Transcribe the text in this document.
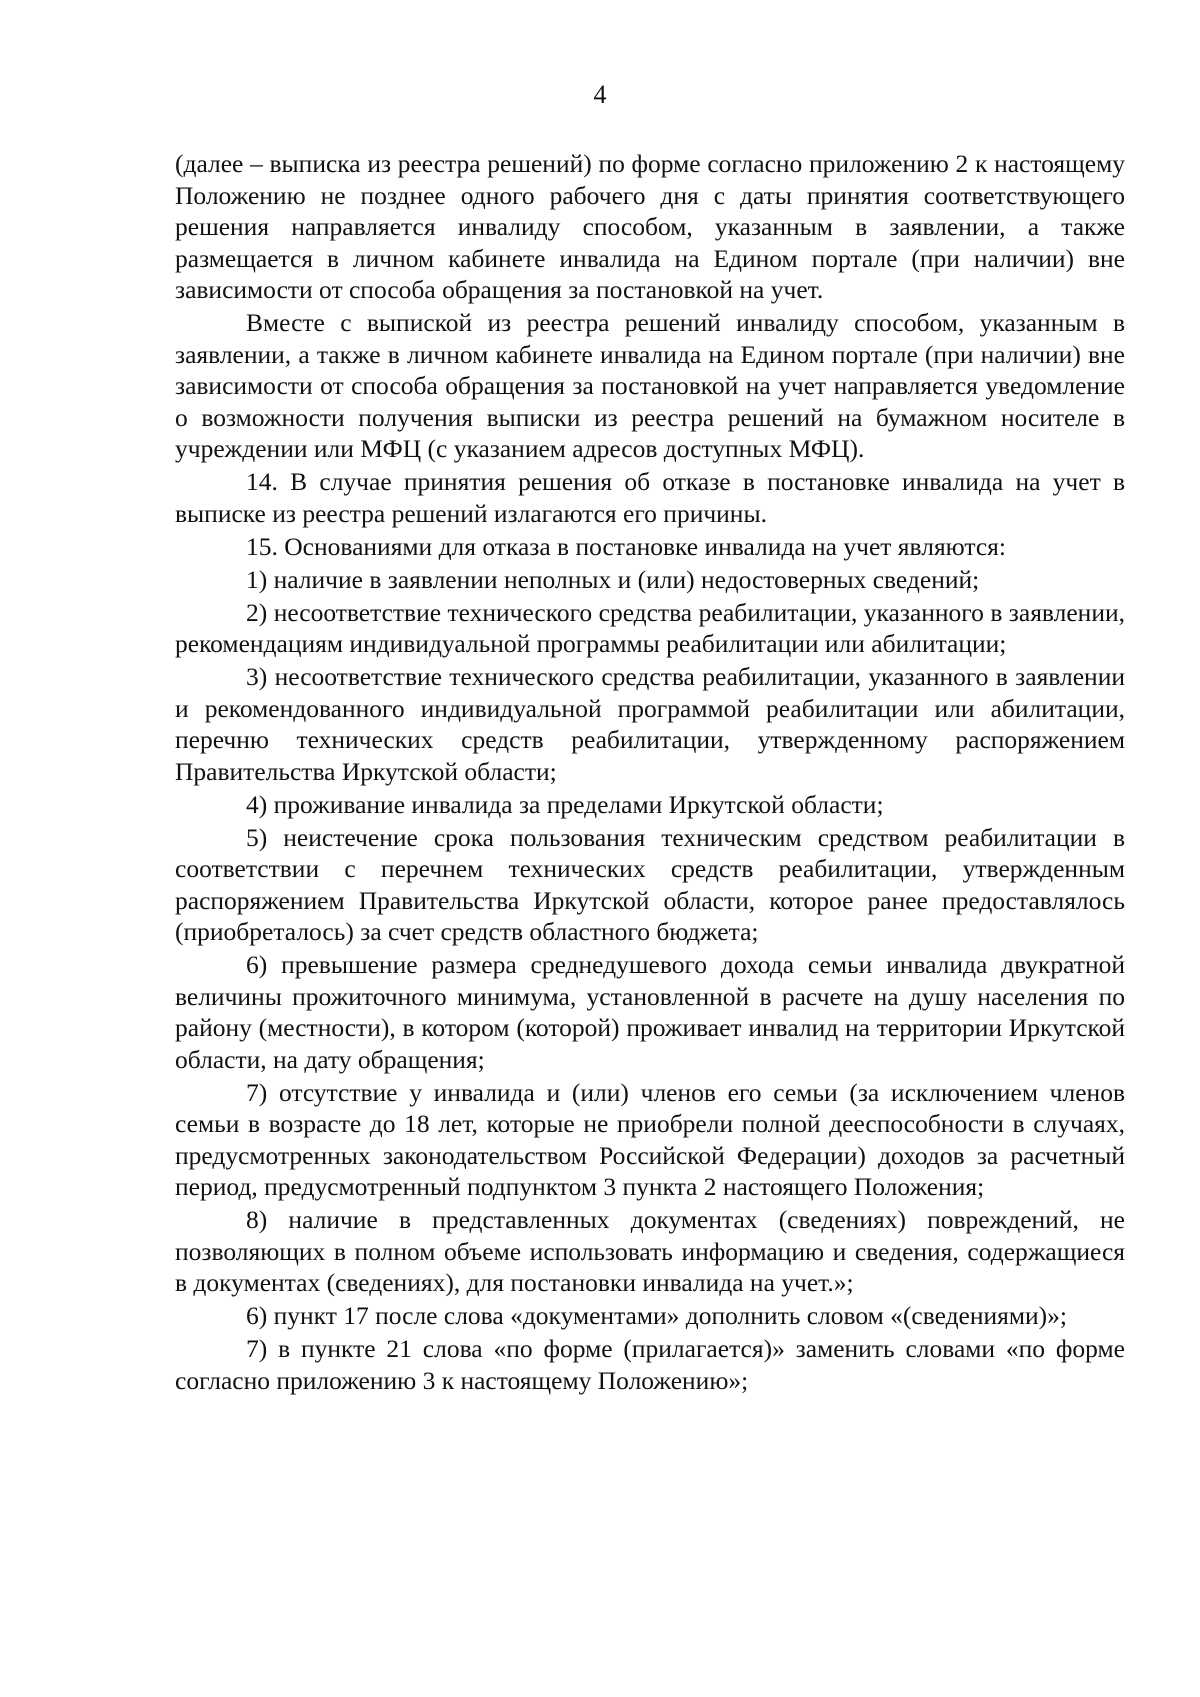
4

(далее – выписка из реестра решений) по форме согласно приложению 2 к настоящему Положению не позднее одного рабочего дня с даты принятия соответствующего решения направляется инвалиду способом, указанным в заявлении, а также размещается в личном кабинете инвалида на Едином портале (при наличии) вне зависимости от способа обращения за постановкой на учет.

Вместе с выпиской из реестра решений инвалиду способом, указанным в заявлении, а также в личном кабинете инвалида на Едином портале (при наличии) вне зависимости от способа обращения за постановкой на учет направляется уведомление о возможности получения выписки из реестра решений на бумажном носителе в учреждении или МФЦ (с указанием адресов доступных МФЦ).

14. В случае принятия решения об отказе в постановке инвалида на учет в выписке из реестра решений излагаются его причины.

15. Основаниями для отказа в постановке инвалида на учет являются:

1) наличие в заявлении неполных и (или) недостоверных сведений;

2) несоответствие технического средства реабилитации, указанного в заявлении, рекомендациям индивидуальной программы реабилитации или абилитации;

3) несоответствие технического средства реабилитации, указанного в заявлении и рекомендованного индивидуальной программой реабилитации или абилитации, перечню технических средств реабилитации, утвержденному распоряжением Правительства Иркутской области;

4) проживание инвалида за пределами Иркутской области;

5) неистечение срока пользования техническим средством реабилитации в соответствии с перечнем технических средств реабилитации, утвержденным распоряжением Правительства Иркутской области, которое ранее предоставлялось (приобреталось) за счет средств областного бюджета;

6) превышение размера среднедушевого дохода семьи инвалида двукратной величины прожиточного минимума, установленной в расчете на душу населения по району (местности), в котором (которой) проживает инвалид на территории Иркутской области, на дату обращения;

7) отсутствие у инвалида и (или) членов его семьи (за исключением членов семьи в возрасте до 18 лет, которые не приобрели полной дееспособности в случаях, предусмотренных законодательством Российской Федерации) доходов за расчетный период, предусмотренный подпунктом 3 пункта 2 настоящего Положения;

8) наличие в представленных документах (сведениях) повреждений, не позволяющих в полном объеме использовать информацию и сведения, содержащиеся в документах (сведениях), для постановки инвалида на учет.»;

6) пункт 17 после слова «документами» дополнить словом «(сведениями)»;

7) в пункте 21 слова «по форме (прилагается)» заменить словами «по форме согласно приложению 3 к настоящему Положению»;
